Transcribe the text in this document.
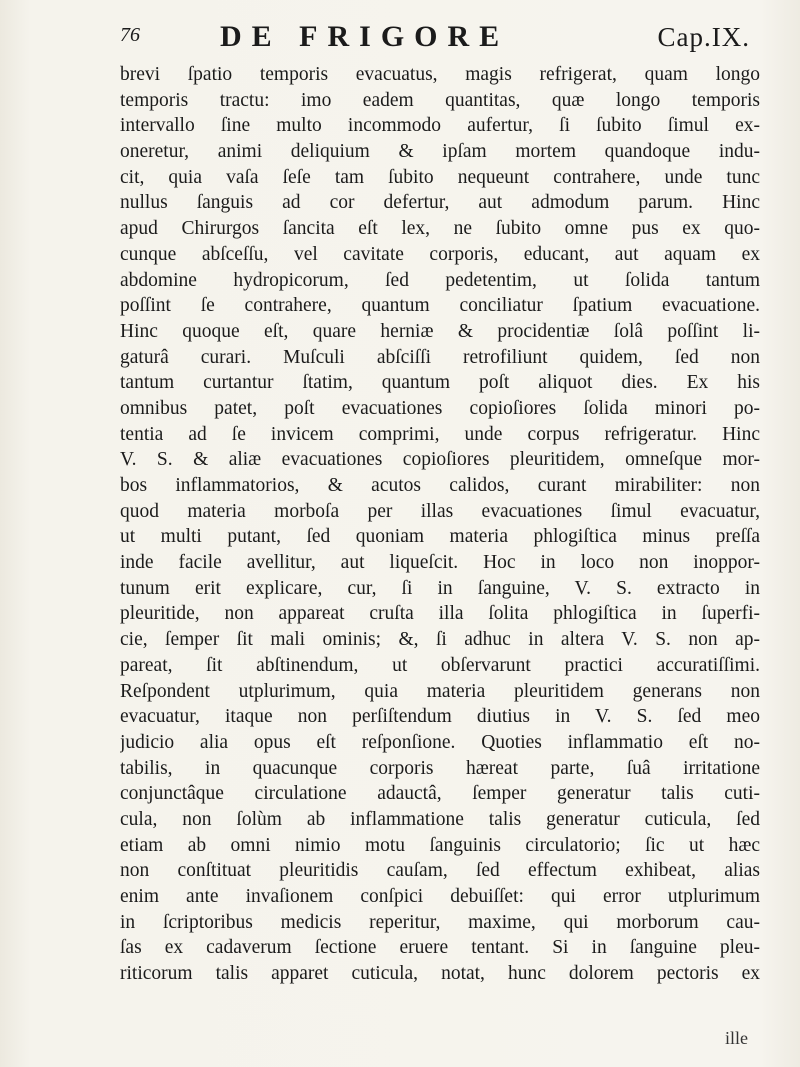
76	DE FRIGORE	Cap.IX.
brevi ſpatio temporis evacuatus, magis refrigerat, quam longo
temporis tractu: imo eadem quantitas, quæ longo temporis
intervallo ſine multo incommodo aufertur, ſi ſubito ſimul ex-
oneretur, animi deliquium & ipſam mortem quandoque indu-
cit, quia vaſa ſeſe tam ſubito nequeunt contrahere, unde tunc
nullus ſanguis ad cor defertur, aut admodum parum. Hinc
apud Chirurgos ſancita eſt lex, ne ſubito omne pus ex quo-
cunque abſceſſu, vel cavitate corporis, educant, aut aquam ex
abdomine hydropicorum, ſed pedetentim, ut ſolida tantum
poſſint ſe contrahere, quantum conciliatur ſpatium evacuatione.
Hinc quoque eſt, quare herniæ & procidentiæ ſolâ poſſint li-
gaturâ curari. Muſculi abſciſſi retrofiliunt quidem, ſed non
tantum curtantur ſtatim, quantum poſt aliquot dies. Ex his
omnibus patet, poſt evacuationes copioſiores ſolida minori po-
tentia ad ſe invicem comprimi, unde corpus refrigeratur. Hinc
V. S. & aliæ evacuationes copioſiores pleuritidem, omneſque mor-
bos inflammatorios, & acutos calidos, curant mirabiliter: non
quod materia morboſa per illas evacuationes ſimul evacuatur,
ut multi putant, ſed quoniam materia phlogiſtica minus preſſa
inde facile avellitur, aut liqueſcit. Hoc in loco non inoppor-
tunum erit explicare, cur, ſi in ſanguine, V. S. extracto in
pleuritide, non appareat cruſta illa ſolita phlogiſtica in ſuperfi-
cie, ſemper ſit mali ominis; &, ſi adhuc in altera V. S. non ap-
pareat, ſit abſtinendum, ut obſervarunt practici accuratiſſimi.
Reſpondent utplurimum, quia materia pleuritidem generans non
evacuatur, itaque non perſiſtendum diutius in V. S. ſed meo
judicio alia opus eſt reſponſione. Quoties inflammatio eſt no-
tabilis, in quacunque corporis hæreat parte, ſuâ irritatione
conjunctâque circulatione adauctâ, ſemper generatur talis cuti-
cula, non ſolùm ab inflammatione talis generatur cuticula, ſed
etiam ab omni nimio motu ſanguinis circulatorio; ſic ut hæc
non conſtituat pleuritidis cauſam, ſed effectum exhibeat, alias
enim ante invaſionem conſpici debuiſſet: qui error utplurimum
in ſcriptoribus medicis reperitur, maxime, qui morborum cau-
ſas ex cadaverum ſectione eruere tentant. Si in ſanguine pleu-
riticorum talis apparet cuticula, notat, hunc dolorem pectoris ex
ille
